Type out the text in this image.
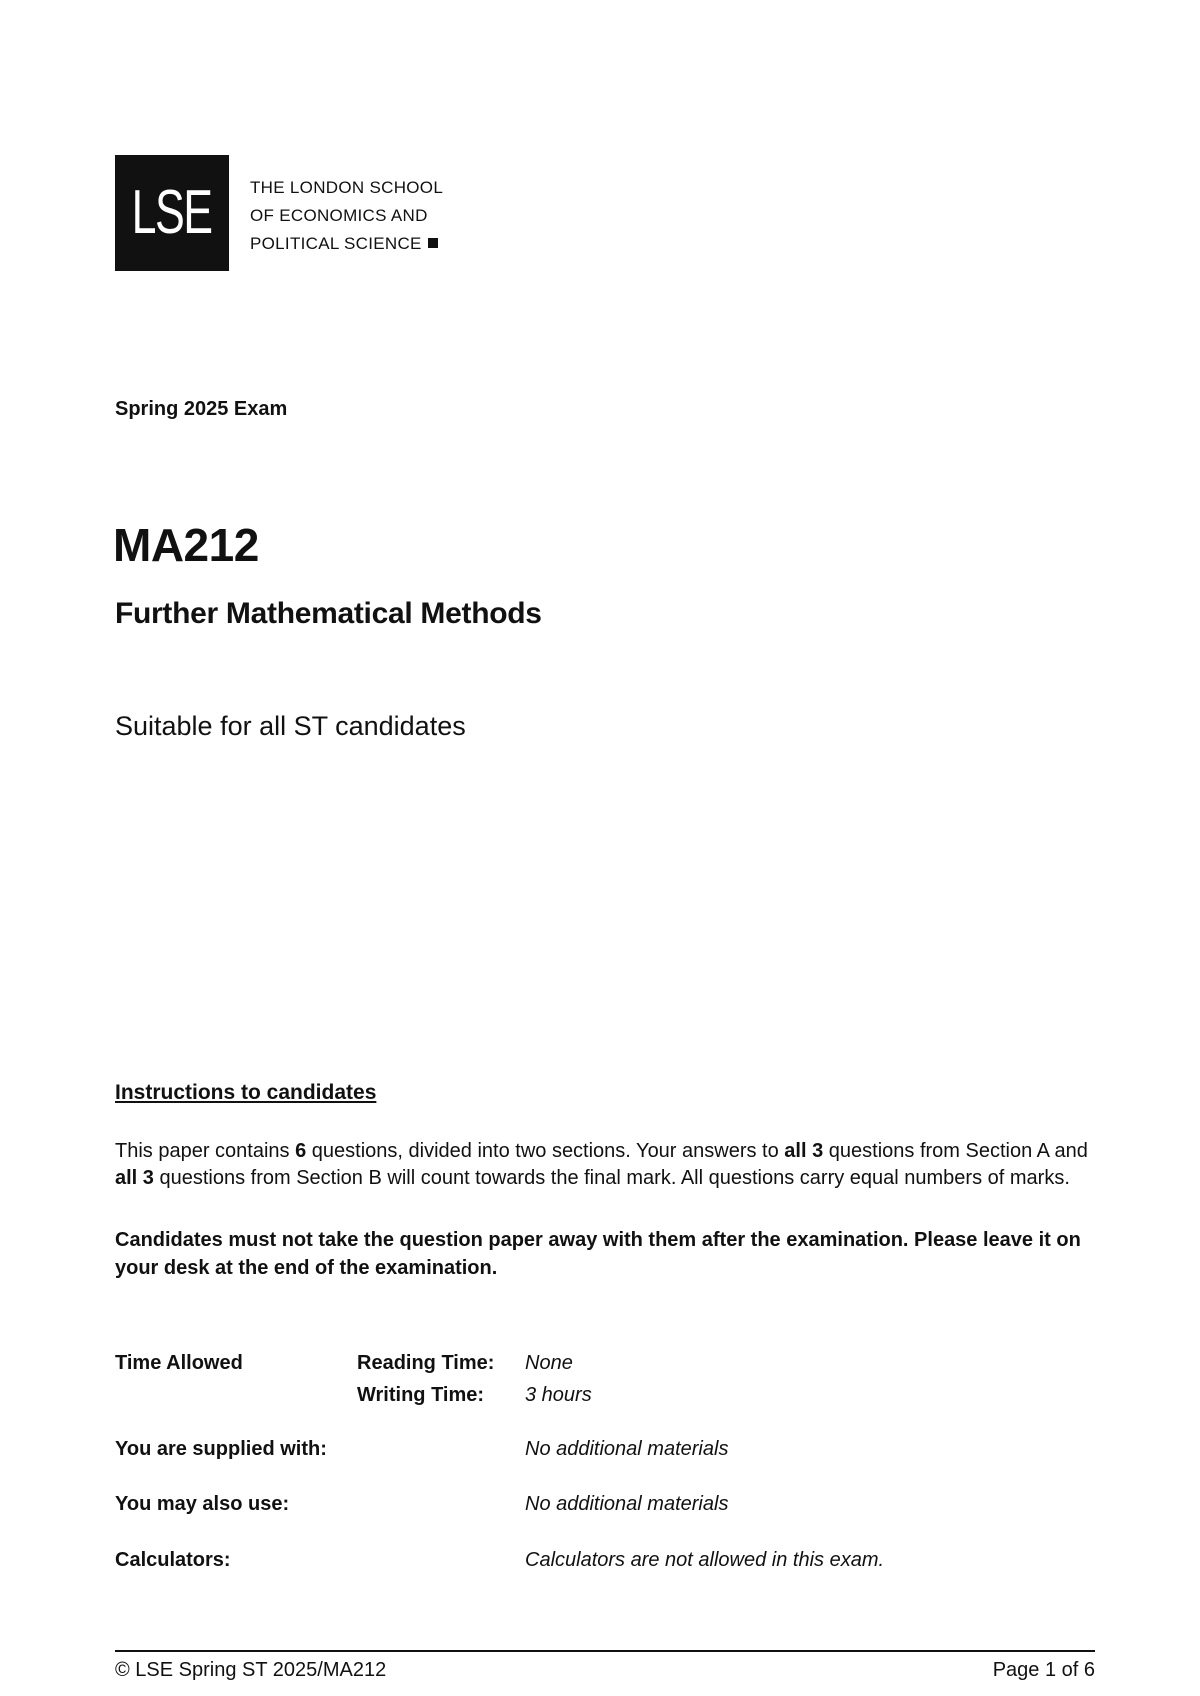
LSE THE LONDON SCHOOL
OF ECONOMICS AND
POLITICAL SCIENCE
Spring 2025 Exam
MA212
Further Mathematical Methods
Suitable for all ST candidates
Instructions to candidates
This paper contains 6 questions, divided into two sections. Your answers to all 3 questions from Section A and all 3 questions from Section B will count towards the final mark. All questions carry equal numbers of marks.
Candidates must not take the question paper away with them after the examination. Please leave it on your desk at the end of the examination.
Time Allowed	Reading Time: None
Writing Time: 3 hours
You are supplied with:	No additional materials
You may also use:	No additional materials
Calculators:	Calculators are not allowed in this exam.
© LSE Spring ST 2025/MA212	Page 1 of 6
